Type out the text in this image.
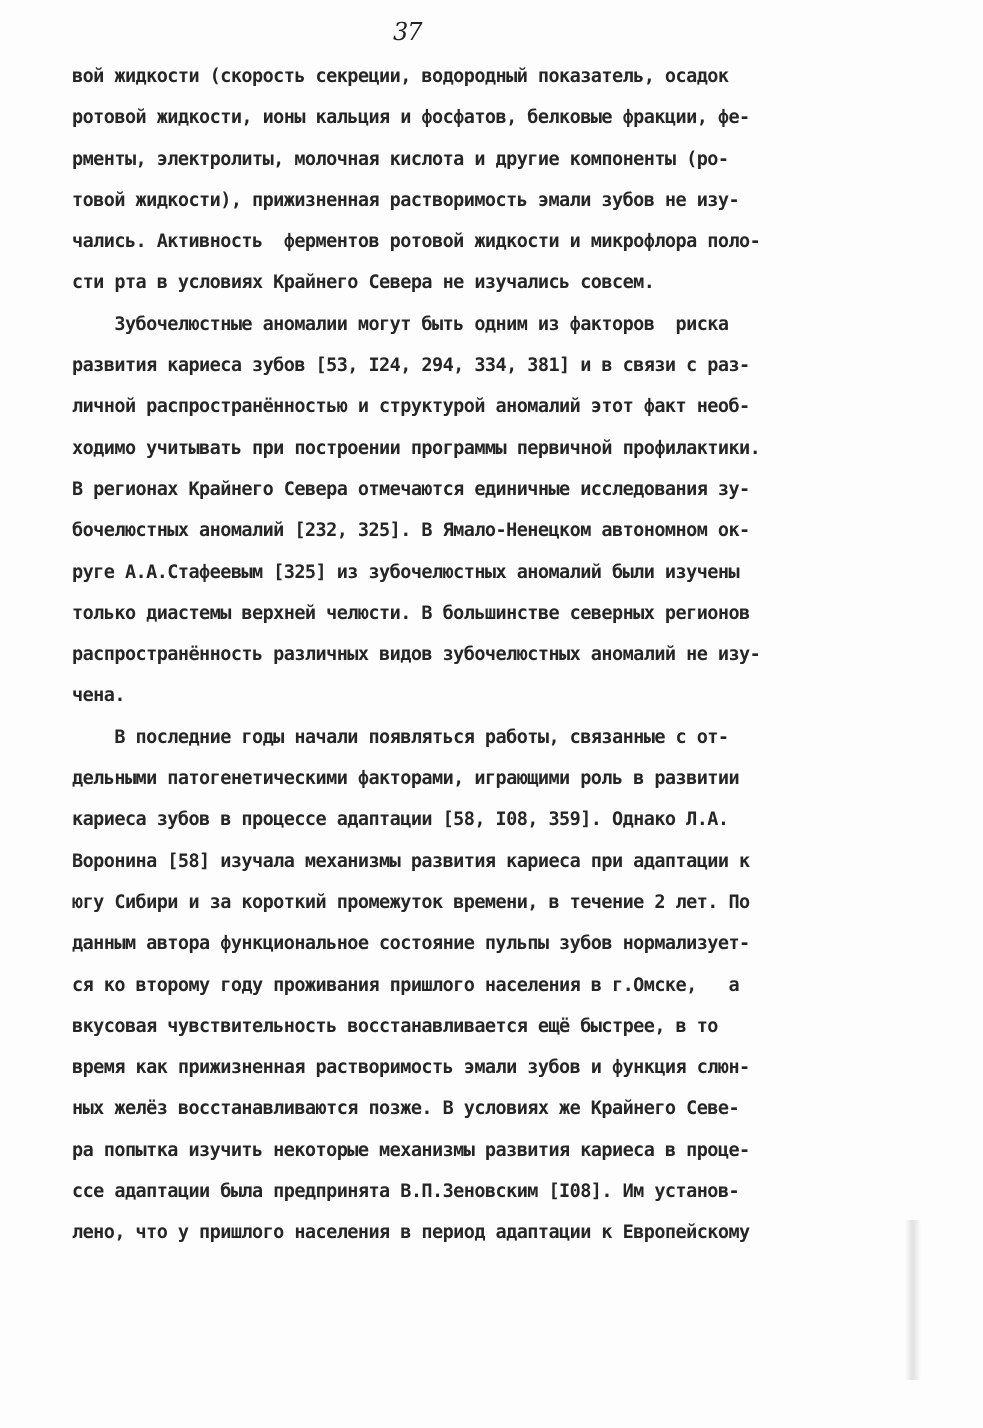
37
вой жидкости (скорость секреции, водородный показатель, осадок
ротовой жидкости, ионы кальция и фосфатов, белковые фракции, фе-
рменты, электролиты, молочная кислота и другие компоненты (ро-
товой жидкости), прижизненная растворимость эмали зубов не изу-
чались. Активность  ферментов ротовой жидкости и микрофлора поло-
сти рта в условиях Крайнего Севера не изучались совсем.
Зубочелюстные аномалии могут быть одним из факторов  риска
развития кариеса зубов [53, I24, 294, 334, 381] и в связи с раз-
личной распространённостью и структурой аномалий этот факт необ-
ходимо учитывать при построении программы первичной профилактики.
В регионах Крайнего Севера отмечаются единичные исследования зу-
бочелюстных аномалий [232, 325]. В Ямало-Ненецком автономном ок-
руге А.А.Стафеевым [325] из зубочелюстных аномалий были изучены
только диастемы верхней челюсти. В большинстве северных регионов
распространённость различных видов зубочелюстных аномалий не изу-
чена.
В последние годы начали появляться работы, связанные с от-
дельными патогенетическими факторами, играющими роль в развитии
кариеса зубов в процессе адаптации [58, I08, 359]. Однако Л.А.
Воронина [58] изучала механизмы развития кариеса при адаптации к
югу Сибири и за короткий промежуток времени, в течение 2 лет. По
данным автора функциональное состояние пульпы зубов нормализует-
ся ко второму году проживания пришлого населения в г.Омске,   а
вкусовая чувствительность восстанавливается ещё быстрее, в то
время как прижизненная растворимость эмали зубов и функция слюн-
ных желёз восстанавливаются позже. В условиях же Крайнего Севе-
ра попытка изучить некоторые механизмы развития кариеса в проце-
ссе адаптации была предпринята В.П.Зеновским [I08]. Им установ-
лено, что у пришлого населения в период адаптации к Европейскому
